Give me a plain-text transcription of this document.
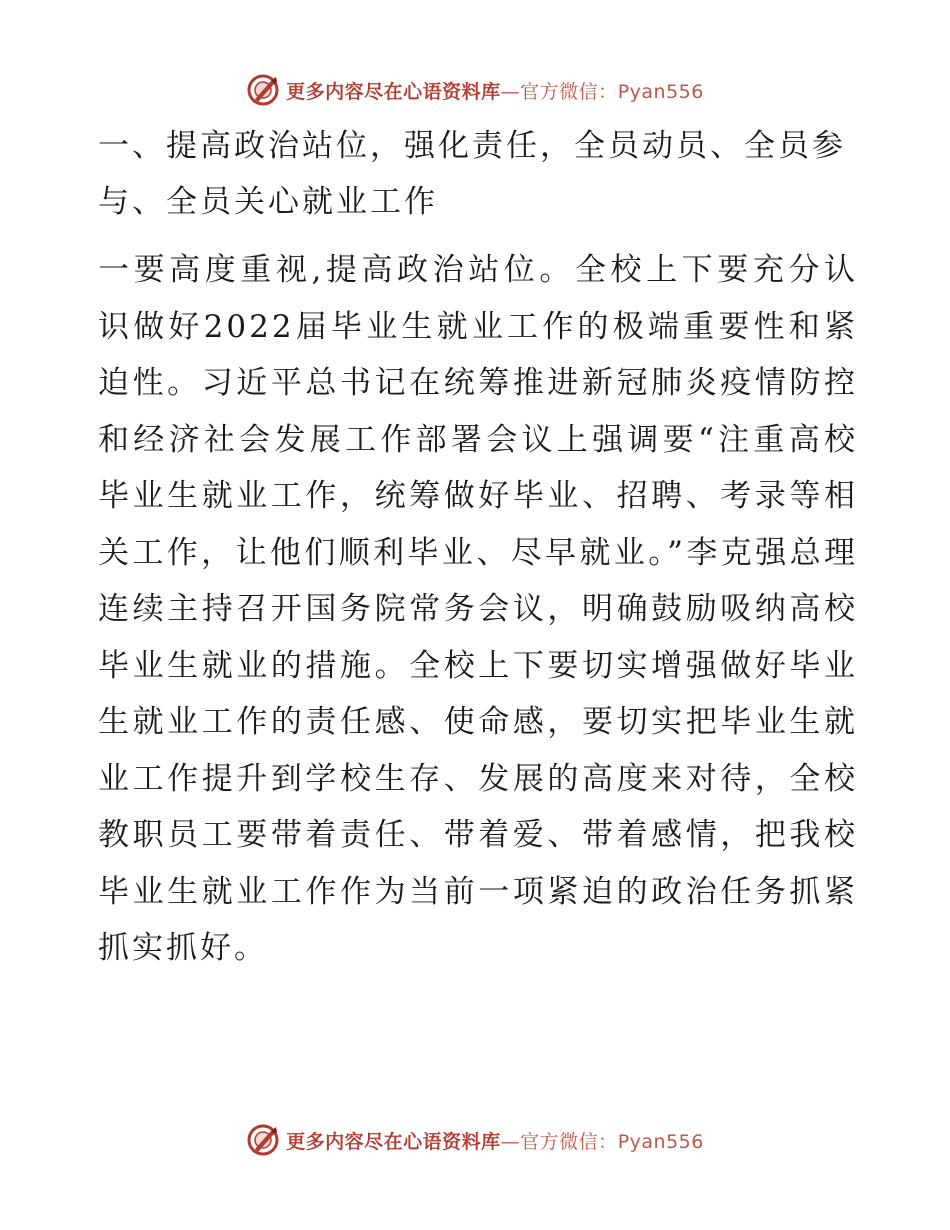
更多内容尽在心语资料库—官方微信：Pyan556
一、提高政治站位，强化责任，全员动员、全员参与、全员关心就业工作

一要高度重视,提高政治站位。全校上下要充分认识做好2022届毕业生就业工作的极端重要性和紧迫性。习近平总书记在统筹推进新冠肺炎疫情防控和经济社会发展工作部署会议上强调要“注重高校毕业生就业工作，统筹做好毕业、招聘、考录等相关工作，让他们顺利毕业、尽早就业。”李克强总理连续主持召开国务院常务会议，明确鼓励吸纳高校毕业生就业的措施。全校上下要切实增强做好毕业生就业工作的责任感、使命感，要切实把毕业生就业工作提升到学校生存、发展的高度来对待，全校教职员工要带着责任、带着爱、带着感情，把我校毕业生就业工作作为当前一项紧迫的政治任务抓紧抓实抓好。

更多内容尽在心语资料库—官方微信：Pyan556
